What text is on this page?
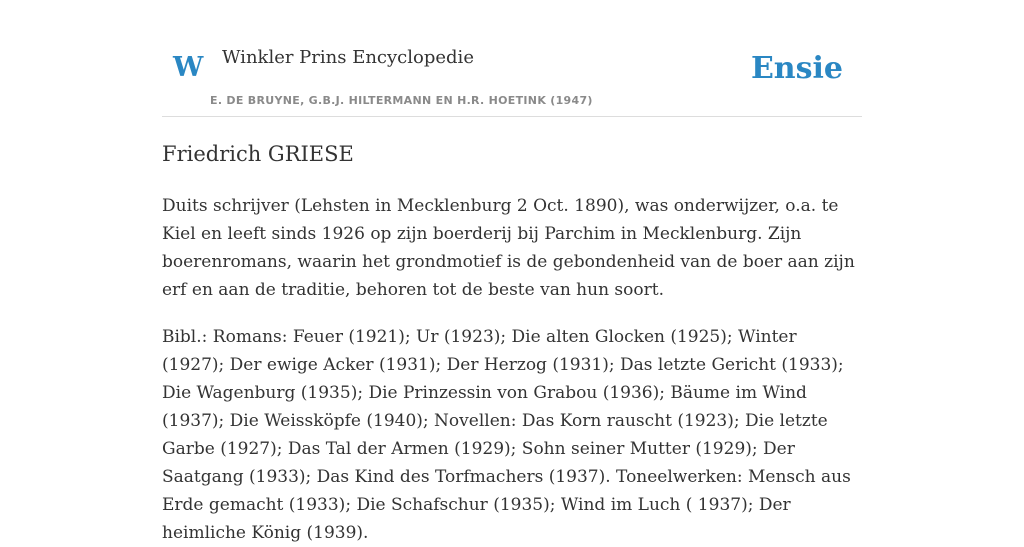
W Winkler Prins Encyclopedie
E. DE BRUYNE, G.B.J. HILTERMANN EN H.R. HOETINK (1947)
Ensie
Friedrich GRIESE

Duits schrijver (Lehsten in Mecklenburg 2 Oct. 1890), was onderwijzer, o.a. te Kiel en leeft sinds 1926 op zijn boerderij bij Parchim in Mecklenburg. Zijn boerenromans, waarin het grondmotief is de gebondenheid van de boer aan zijn erf en aan de traditie, behoren tot de beste van hun soort.

Bibl.: Romans: Feuer (1921); Ur (1923); Die alten Glocken (1925); Winter (1927); Der ewige Acker (1931); Der Herzog (1931); Das letzte Gericht (1933); Die Wagenburg (1935); Die Prinzessin von Grabou (1936); Bäume im Wind (1937); Die Weissköpfe (1940); Novellen: Das Korn rauscht (1923); Die letzte Garbe (1927); Das Tal der Armen (1929); Sohn seiner Mutter (1929); Der Saatgang (1933); Das Kind des Torfmachers (1937). Toneelwerken: Mensch aus Erde gemacht (1933); Die Schafschur (1935); Wind im Luch ( 1937); Der heimliche König (1939).
